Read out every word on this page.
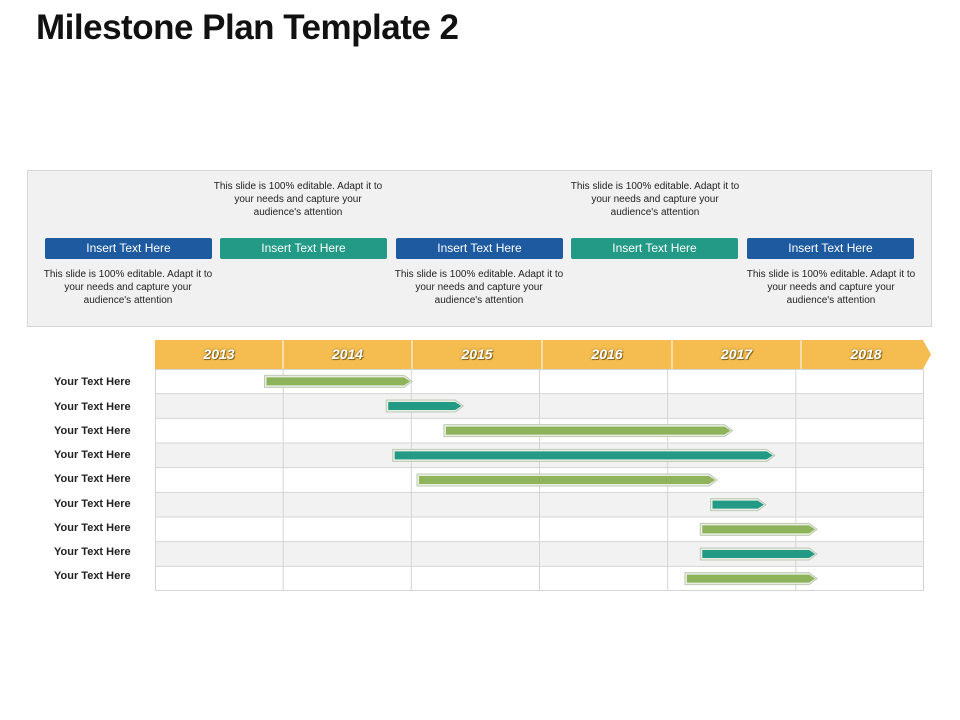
Milestone Plan Template 2
Insert Text Here	Insert Text Here	Insert Text Here	Insert Text Here	Insert Text Here
This slide is 100% editable. Adapt it to your needs and capture your audience's attention
This slide is 100% editable. Adapt it to your needs and capture your audience's attention
This slide is 100% editable. Adapt it to your needs and capture your audience's attention
This slide is 100% editable. Adapt it to your needs and capture your audience's attention
This slide is 100% editable. Adapt it to your needs and capture your audience's attention
2013	2014	2015	2016	2017	2018
Your Text Here
Your Text Here
Your Text Here
Your Text Here
Your Text Here
Your Text Here
Your Text Here
Your Text Here
Your Text Here
